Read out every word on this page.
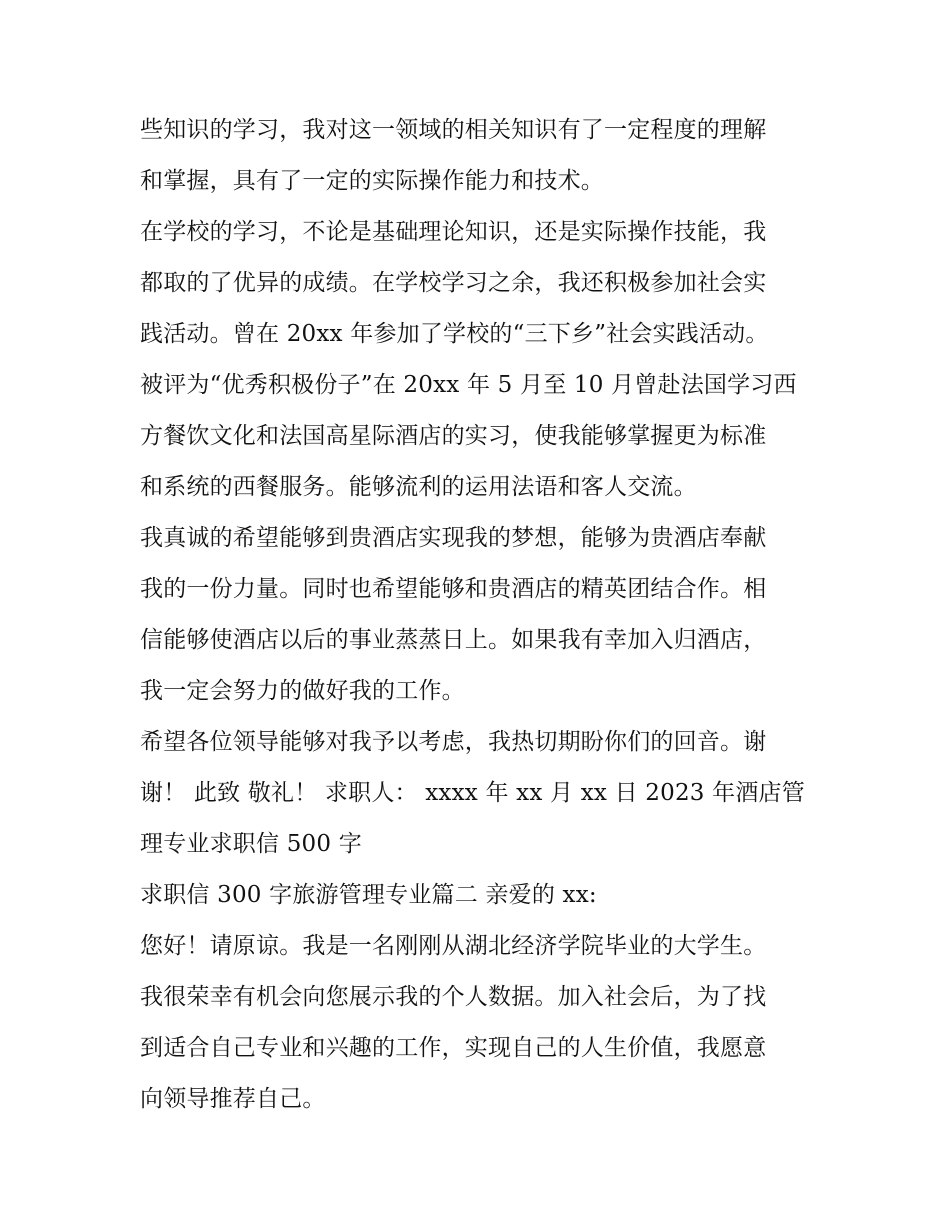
些知识的学习，我对这一领域的相关知识有了一定程度的理解
和掌握，具有了一定的实际操作能力和技术。
在学校的学习，不论是基础理论知识，还是实际操作技能，我
都取的了优异的成绩。在学校学习之余，我还积极参加社会实
践活动。曾在 20xx 年参加了学校的“三下乡”社会实践活动。
被评为“优秀积极份子”在 20xx 年 5 月至 10 月曾赴法国学习西
方餐饮文化和法国高星际酒店的实习，使我能够掌握更为标准
和系统的西餐服务。能够流利的运用法语和客人交流。
我真诚的希望能够到贵酒店实现我的梦想，能够为贵酒店奉献
我的一份力量。同时也希望能够和贵酒店的精英团结合作。相
信能够使酒店以后的事业蒸蒸日上。如果我有幸加入归酒店，
我一定会努力的做好我的工作。
希望各位领导能够对我予以考虑，我热切期盼你们的回音。谢
谢！ 此致 敬礼！ 求职人： xxxx 年 xx 月 xx 日 2023 年酒店管
理专业求职信 500 字
求职信 300 字旅游管理专业篇二 亲爱的 xx:
您好！请原谅。我是一名刚刚从湖北经济学院毕业的大学生。
我很荣幸有机会向您展示我的个人数据。加入社会后，为了找
到适合自己专业和兴趣的工作，实现自己的人生价值，我愿意
向领导推荐自己。
